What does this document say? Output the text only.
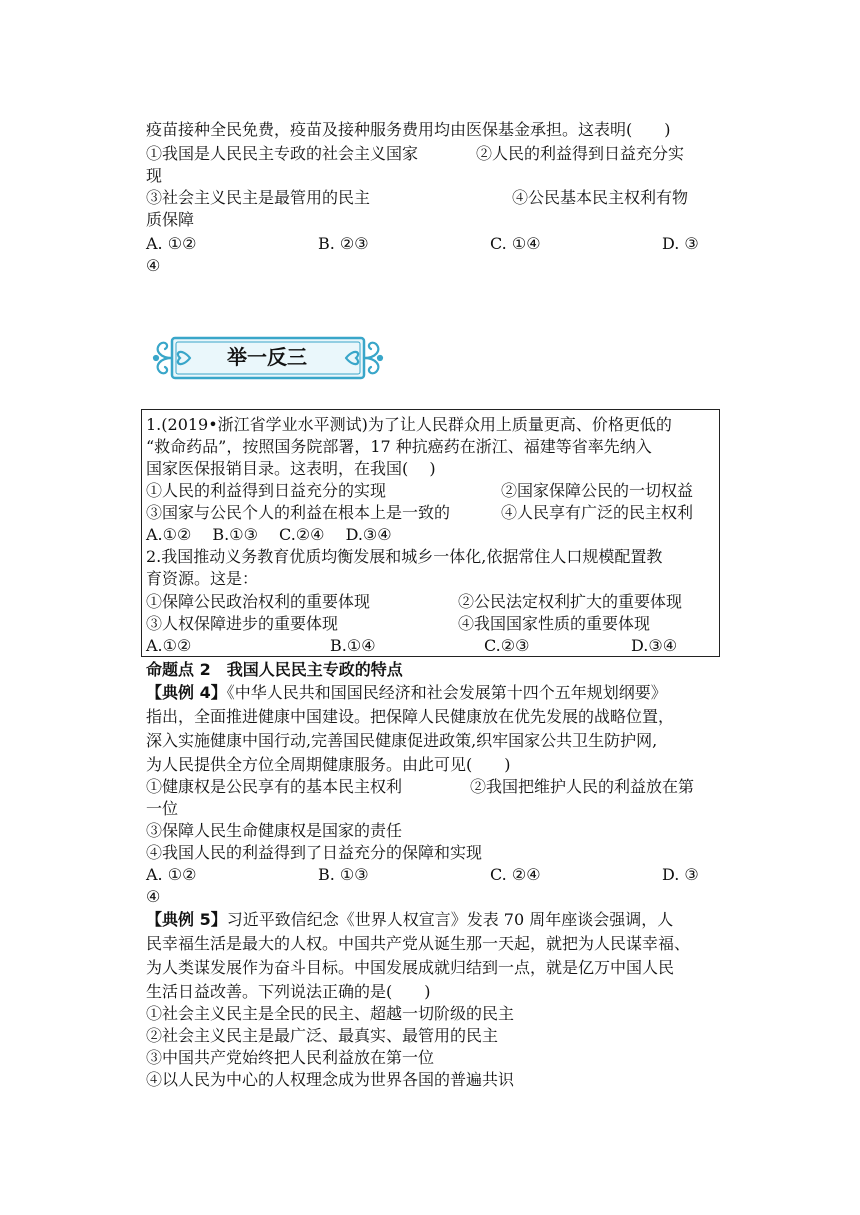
疫苗接种全民免费，疫苗及接种服务费用均由医保基金承担。这表明(　　)
①我国是人民民主专政的社会主义国家	②人民的利益得到日益充分实
现
③社会主义民主是最管用的民主	④公民基本民主权利有物
质保障
A. ①②	B. ②③	C. ①④	D. ③
④
举一反三
1.(2019•浙江省学业水平测试)为了让人民群众用上质量更高、价格更低的
“救命药品”，按照国务院部署，17 种抗癌药在浙江、福建等省率先纳入
国家医保报销目录。这表明，在我国(　 )
①人民的利益得到日益充分的实现	②国家保障公民的一切权益
③国家与公民个人的利益在根本上是一致的	④人民享有广泛的民主权利
A.①②　 B.①③　 C.②④　 D.③④
2.我国推动义务教育优质均衡发展和城乡一体化,依据常住人口规模配置教
育资源。这是：
①保障公民政治权利的重要体现	②公民法定权利扩大的重要体现
③人权保障进步的重要体现	④我国国家性质的重要体现
A.①②	B.①④	C.②③	D.③④
命题点 2　我国人民民主专政的特点
【典例 4】《中华人民共和国国民经济和社会发展第十四个五年规划纲要》
指出，全面推进健康中国建设。把保障人民健康放在优先发展的战略位置，
深入实施健康中国行动,完善国民健康促进政策,织牢国家公共卫生防护网,
为人民提供全方位全周期健康服务。由此可见(　　)
①健康权是公民享有的基本民主权利	②我国把维护人民的利益放在第
一位
③保障人民生命健康权是国家的责任
④我国人民的利益得到了日益充分的保障和实现
A. ①②	B. ①③	C. ②④	D. ③
④
【典例 5】习近平致信纪念《世界人权宣言》发表 70 周年座谈会强调，人
民幸福生活是最大的人权。中国共产党从诞生那一天起，就把为人民谋幸福、
为人类谋发展作为奋斗目标。中国发展成就归结到一点，就是亿万中国人民
生活日益改善。下列说法正确的是(　　)
①社会主义民主是全民的民主、超越一切阶级的民主
②社会主义民主是最广泛、最真实、最管用的民主
③中国共产党始终把人民利益放在第一位
④以人民为中心的人权理念成为世界各国的普遍共识
